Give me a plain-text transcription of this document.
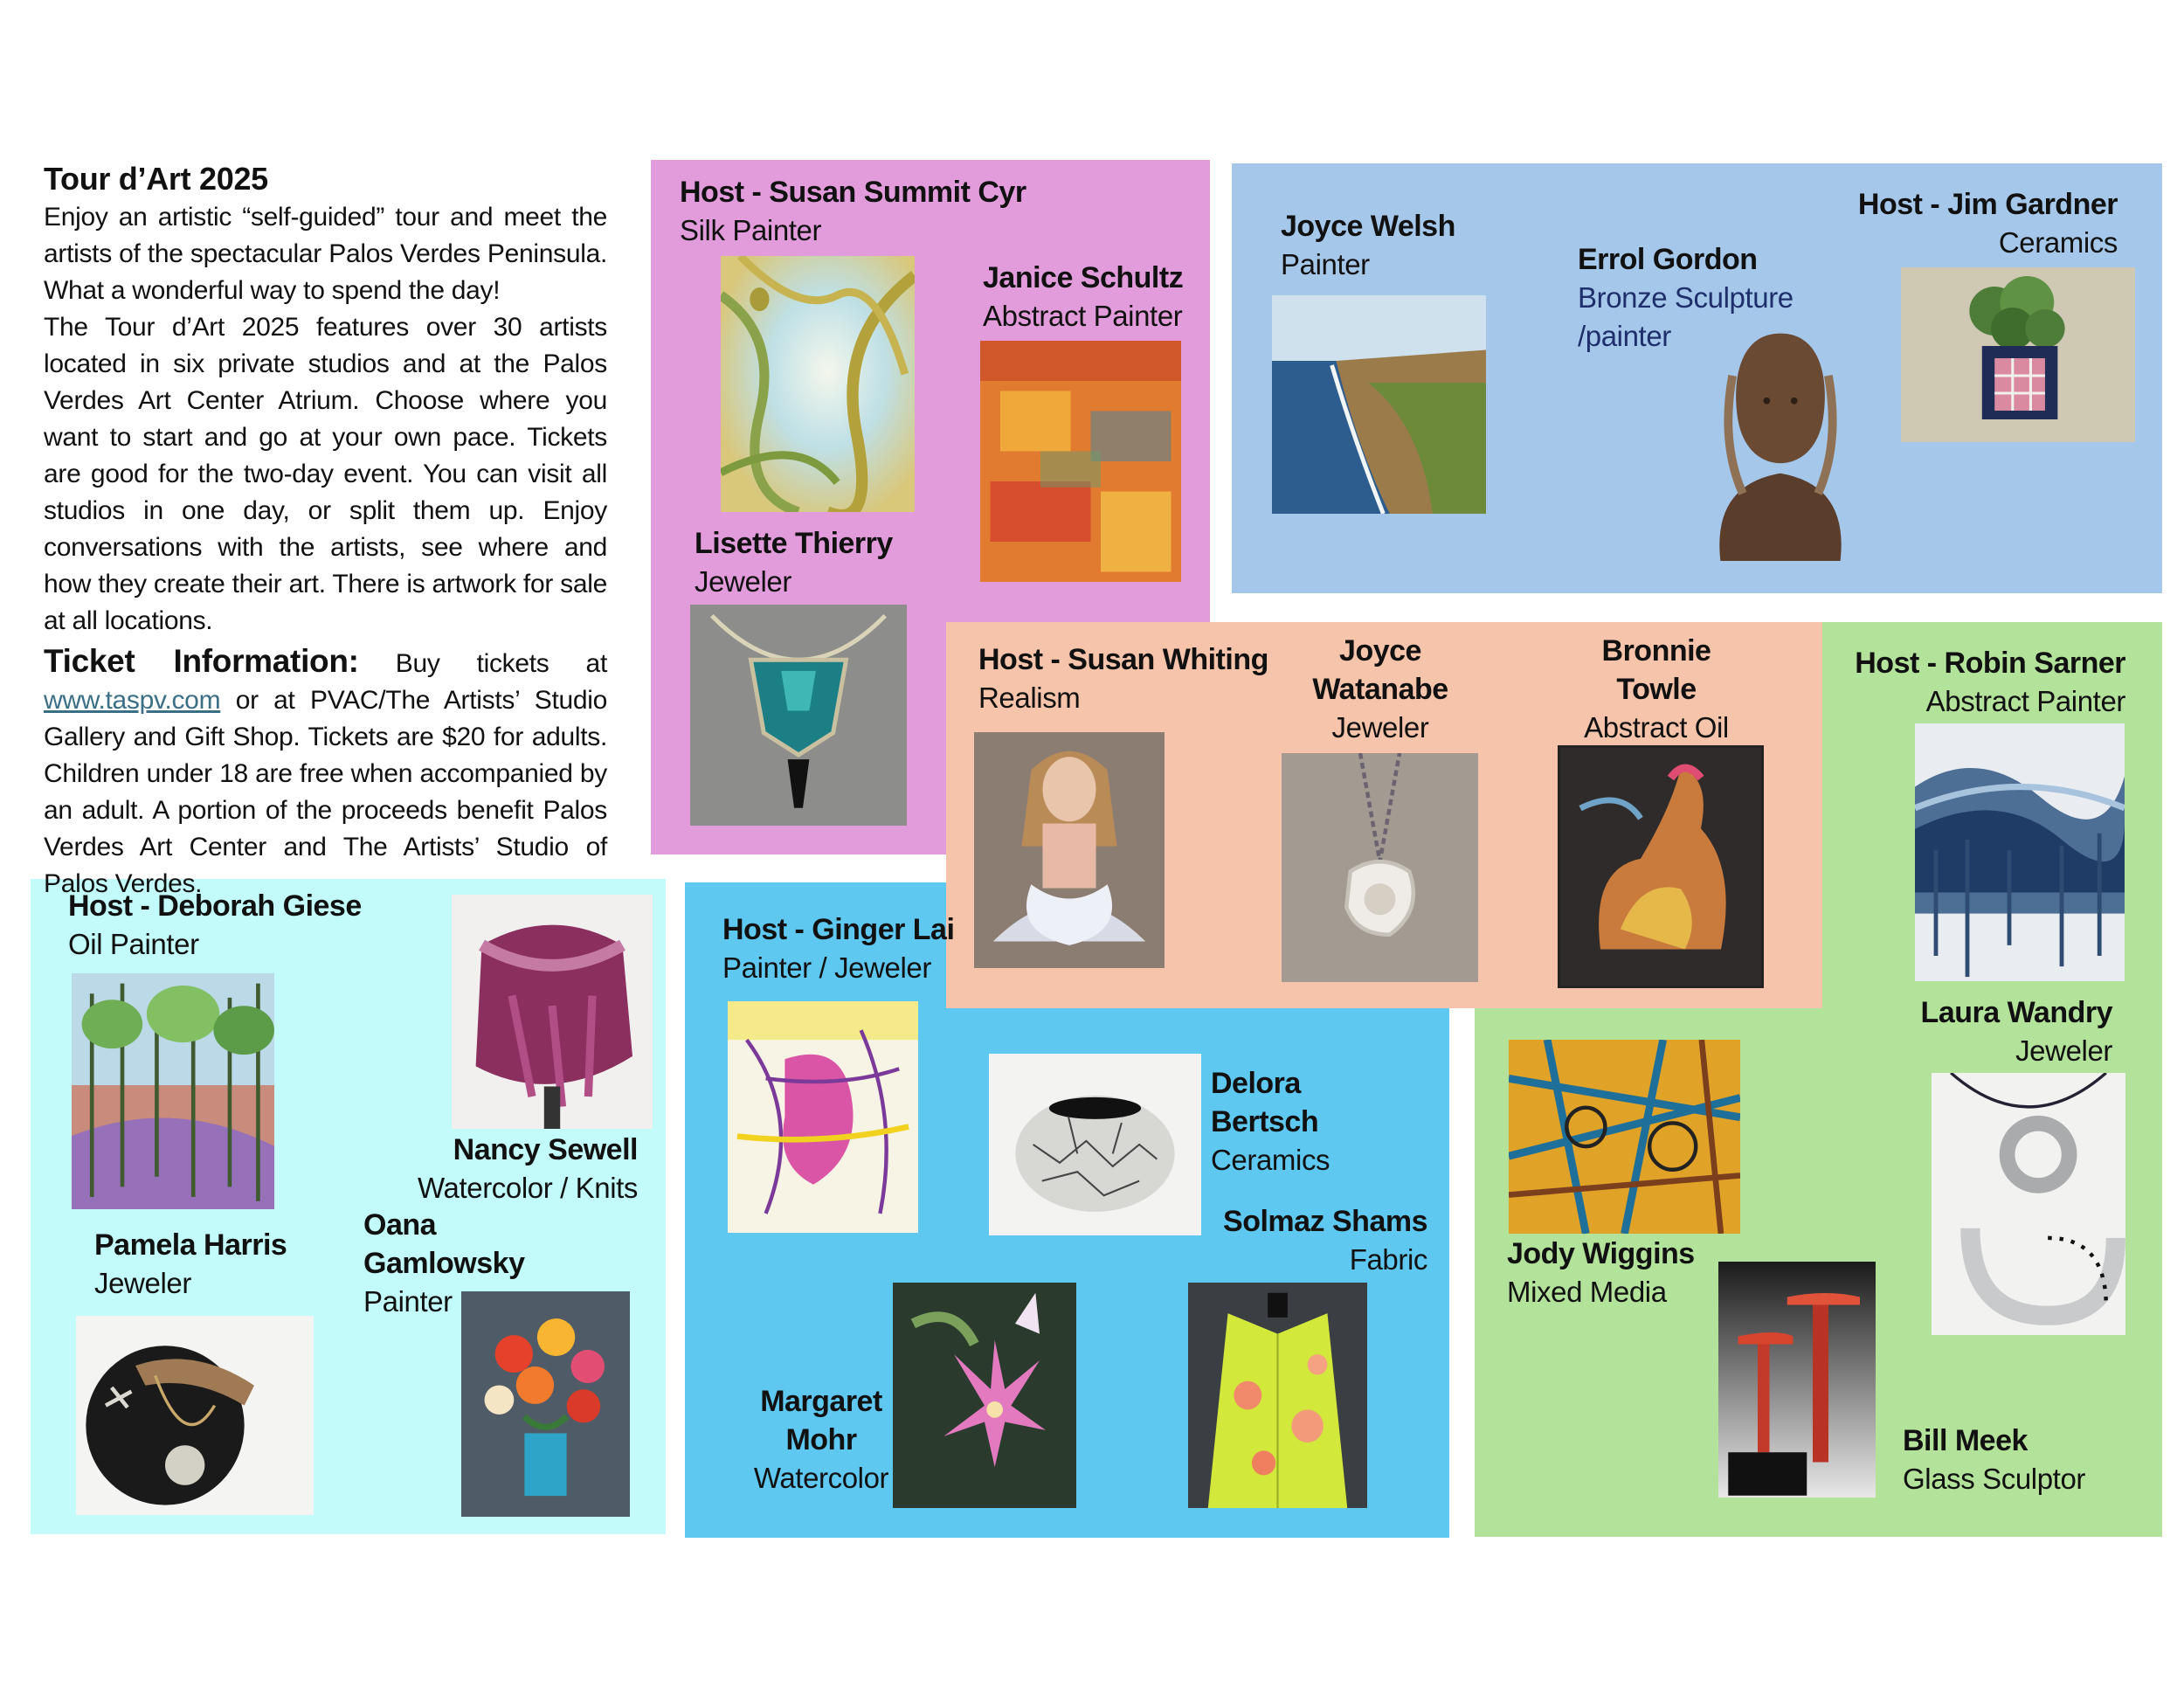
Tour d’Art 2025

Enjoy an artistic “self-guided” tour and meet the artists of the spectacular Palos Verdes Peninsula. What a wonderful way to spend the day!

The Tour d’Art 2025 features over 30 artists located in six private studios and at the Palos Verdes Art Center Atrium. Choose where you want to start and go at your own pace. Tickets are good for the two-day event. You can visit all studios in one day, or split them up. Enjoy conversations with the artists, see where and how they create their art. There is artwork for sale at all locations.

Ticket Information: Buy tickets at www.taspv.com or at PVAC/The Artists’ Studio Gallery and Gift Shop. Tickets are $20 for adults. Children under 18 are free when accompanied by an adult. A portion of the proceeds benefit Palos Verdes Art Center and The Artists’ Studio of Palos Verdes.

Host - Susan Summit Cyr
Silk Painter
Janice Schultz
Abstract Painter
Lisette Thierry
Jeweler
Joyce Welsh
Painter	Errol Gordon
Bronze Sculpture
/painter
Host - Jim Gardner
Ceramics
Host - Susan Whiting
Realism
Joyce
Watanabe
Jeweler
Bronnie
Towle
Abstract Oil
Host - Robin Sarner
Abstract Painter
Laura Wandry
Jeweler
Jody Wiggins
Mixed Media
Bill Meek
Glass Sculptor
Host - Deborah Giese
Oil Painter
Nancy Sewell
Watercolor / Knits
Pamela Harris
Jeweler
Oana
Gamlowsky
Painter
Host - Ginger Lai
Painter / Jeweler
Delora
Bertsch
Ceramics
Solmaz Shams
Fabric
Margaret
Mohr
Watercolor
